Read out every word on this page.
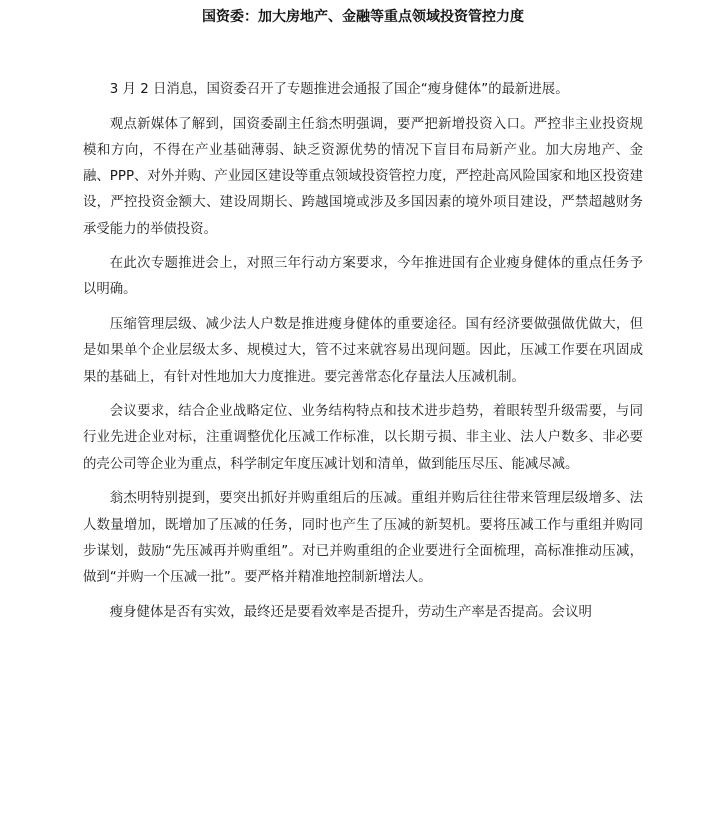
国资委：加大房地产、金融等重点领域投资管控力度

3 月 2 日消息，国资委召开了专题推进会通报了国企“瘦身健体”的最新进展。

观点新媒体了解到，国资委副主任翁杰明强调，要严把新增投资入口。严控非主业投资规模和方向，不得在产业基础薄弱、缺乏资源优势的情况下盲目布局新产业。加大房地产、金融、PPP、对外并购、产业园区建设等重点领域投资管控力度，严控赴高风险国家和地区投资建设，严控投资金额大、建设周期长、跨越国境或涉及多国因素的境外项目建设，严禁超越财务承受能力的举债投资。

在此次专题推进会上，对照三年行动方案要求，今年推进国有企业瘦身健体的重点任务予以明确。

压缩管理层级、减少法人户数是推进瘦身健体的重要途径。国有经济要做强做优做大，但是如果单个企业层级太多、规模过大，管不过来就容易出现问题。因此，压减工作要在巩固成果的基础上，有针对性地加大力度推进。要完善常态化存量法人压减机制。

会议要求，结合企业战略定位、业务结构特点和技术进步趋势，着眼转型升级需要，与同行业先进企业对标，注重调整优化压减工作标准，以长期亏损、非主业、法人户数多、非必要的壳公司等企业为重点，科学制定年度压减计划和清单，做到能压尽压、能减尽减。

翁杰明特别提到，要突出抓好并购重组后的压减。重组并购后往往带来管理层级增多、法人数量增加，既增加了压减的任务，同时也产生了压减的新契机。要将压减工作与重组并购同步谋划，鼓励“先压减再并购重组”。对已并购重组的企业要进行全面梳理，高标准推动压减，做到“并购一个压减一批”。要严格并精准地控制新增法人。

瘦身健体是否有实效，最终还是要看效率是否提升，劳动生产率是否提高。会议明
